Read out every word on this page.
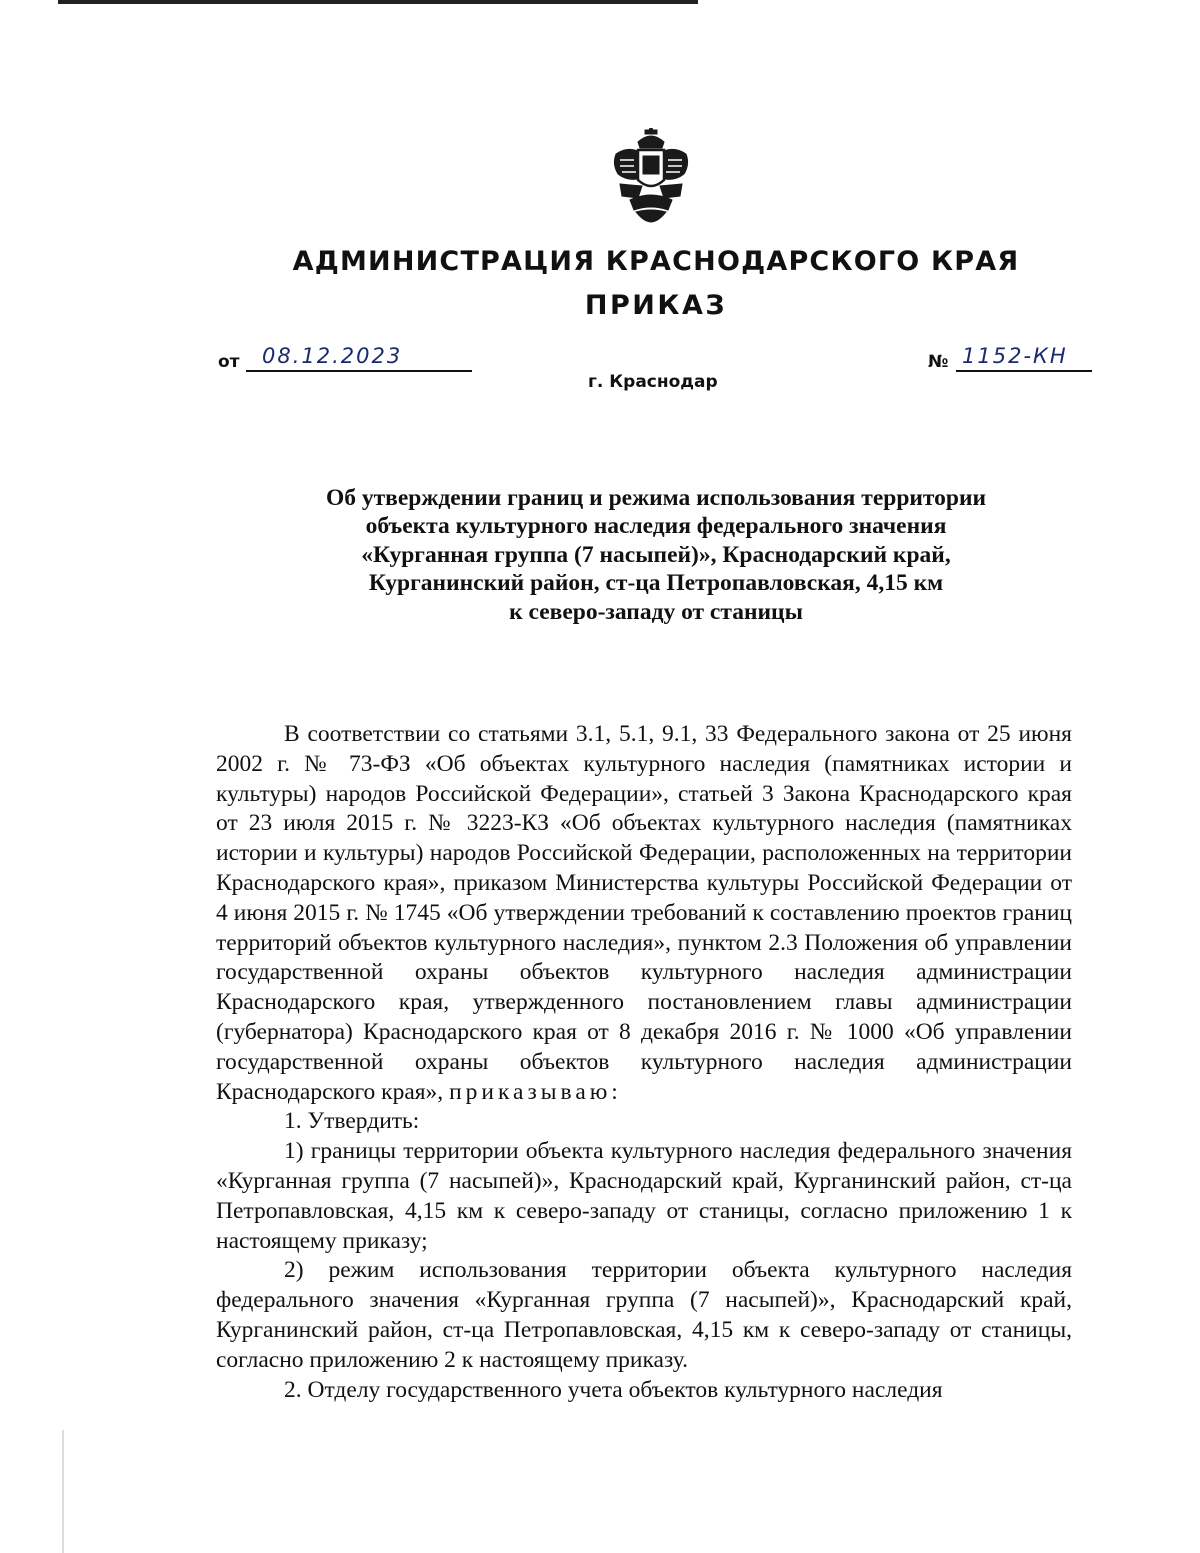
АДМИНИСТРАЦИЯ КРАСНОДАРСКОГО КРАЯ
ПРИКАЗ
от 08.12.2023
г. Краснодар
№ 1152-КН
Об утверждении границ и режима использования территории
объекта культурного наследия федерального значения
«Курганная группа (7 насыпей)», Краснодарский край,
Курганинский район, ст-ца Петропавловская, 4,15 км
к северо-западу от станицы

В соответствии со статьями 3.1, 5.1, 9.1, 33 Федерального закона от 25 июня 2002 г. № 73-ФЗ «Об объектах культурного наследия (памятниках истории и культуры) народов Российской Федерации», статьей 3 Закона Краснодарского края от 23 июля 2015 г. № 3223-КЗ «Об объектах культурного наследия (памятниках истории и культуры) народов Российской Федерации, расположенных на территории Краснодарского края», приказом Министерства культуры Российской Федерации от 4 июня 2015 г. № 1745 «Об утверждении требований к составлению проектов границ территорий объектов культурного наследия», пунктом 2.3 Положения об управлении государственной охраны объектов культурного наследия администрации Краснодарского края, утвержденного постановлением главы администрации (губернатора) Краснодарского края от 8 декабря 2016 г. № 1000 «Об управлении государственной охраны объектов культурного наследия администрации Краснодарского края», приказываю:

1. Утвердить:

1) границы территории объекта культурного наследия федерального значения «Курганная группа (7 насыпей)», Краснодарский край, Курганинский район, ст-ца Петропавловская, 4,15 км к северо-западу от станицы, согласно приложению 1 к настоящему приказу;

2) режим использования территории объекта культурного наследия федерального значения «Курганная группа (7 насыпей)», Краснодарский край, Курганинский район, ст-ца Петропавловская, 4,15 км к северо-западу от станицы, согласно приложению 2 к настоящему приказу.

2. Отделу государственного учета объектов культурного наследия
